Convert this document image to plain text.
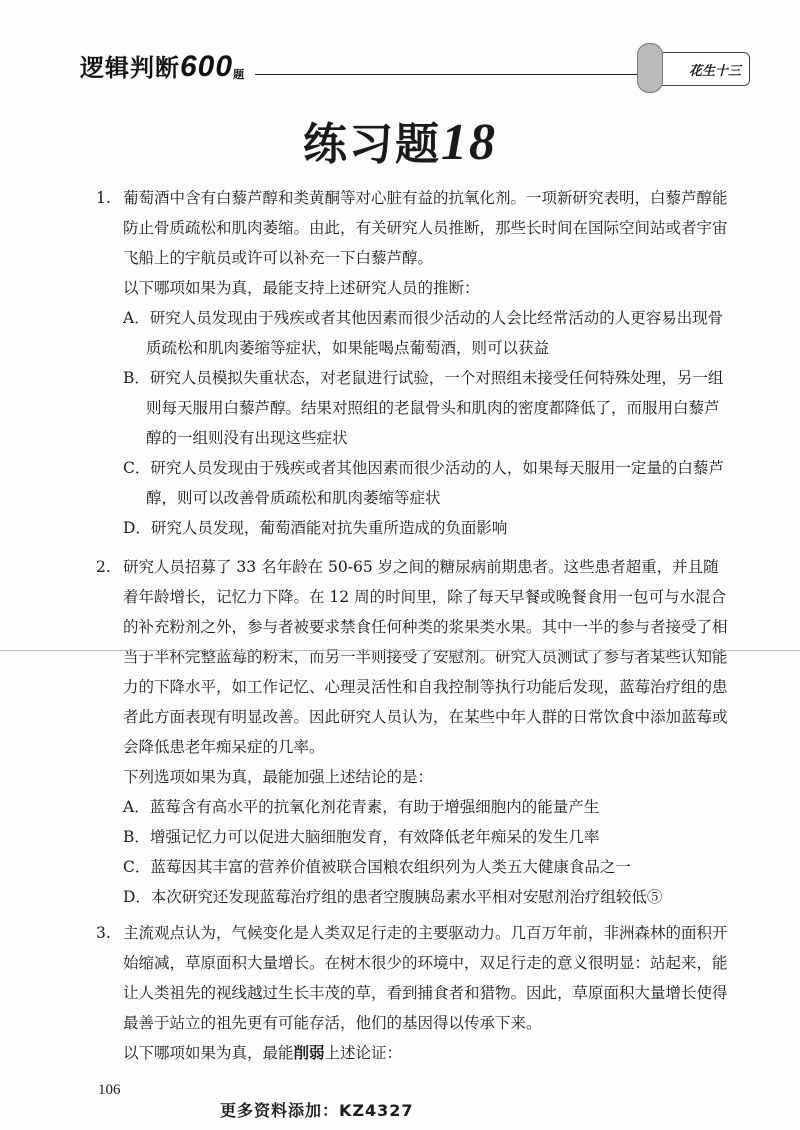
逻辑判断600题	花生十三
练习题18
1. 葡萄酒中含有白藜芦醇和类黄酮等对心脏有益的抗氧化剂。一项新研究表明，白藜芦醇能防止骨质疏松和肌肉萎缩。由此，有关研究人员推断，那些长时间在国际空间站或者宇宙飞船上的宇航员或许可以补充一下白藜芦醇。
以下哪项如果为真，最能支持上述研究人员的推断：
A．研究人员发现由于残疾或者其他因素而很少活动的人会比经常活动的人更容易出现骨质疏松和肌肉萎缩等症状，如果能喝点葡萄酒，则可以获益
B．研究人员模拟失重状态，对老鼠进行试验，一个对照组未接受任何特殊处理，另一组则每天服用白藜芦醇。结果对照组的老鼠骨头和肌肉的密度都降低了，而服用白藜芦醇的一组则没有出现这些症状
C．研究人员发现由于残疾或者其他因素而很少活动的人，如果每天服用一定量的白藜芦醇，则可以改善骨质疏松和肌肉萎缩等症状
D．研究人员发现，葡萄酒能对抗失重所造成的负面影响
2. 研究人员招募了 33 名年龄在 50-65 岁之间的糖尿病前期患者。这些患者超重，并且随着年龄增长，记忆力下降。在 12 周的时间里，除了每天早餐或晚餐食用一包可与水混合的补充粉剂之外，参与者被要求禁食任何种类的浆果类水果。其中一半的参与者接受了相当于半杯完整蓝莓的粉末，而另一半则接受了安慰剂。研究人员测试了参与者某些认知能力的下降水平，如工作记忆、心理灵活性和自我控制等执行功能后发现，蓝莓治疗组的患者此方面表现有明显改善。因此研究人员认为，在某些中年人群的日常饮食中添加蓝莓或会降低患老年痴呆症的几率。
下列选项如果为真，最能加强上述结论的是：
A．蓝莓含有高水平的抗氧化剂花青素，有助于增强细胞内的能量产生
B．增强记忆力可以促进大脑细胞发育，有效降低老年痴呆的发生几率
C．蓝莓因其丰富的营养价值被联合国粮农组织列为人类五大健康食品之一
D．本次研究还发现蓝莓治疗组的患者空腹胰岛素水平相对安慰剂治疗组较低⑤
3. 主流观点认为，气候变化是人类双足行走的主要驱动力。几百万年前，非洲森林的面积开始缩减，草原面积大量增长。在树木很少的环境中，双足行走的意义很明显：站起来，能让人类祖先的视线越过生长丰茂的草，看到捕食者和猎物。因此，草原面积大量增长使得最善于站立的祖先更有可能存活，他们的基因得以传承下来。
以下哪项如果为真，最能削弱上述论证：
106
更多资料添加：KZ4327
